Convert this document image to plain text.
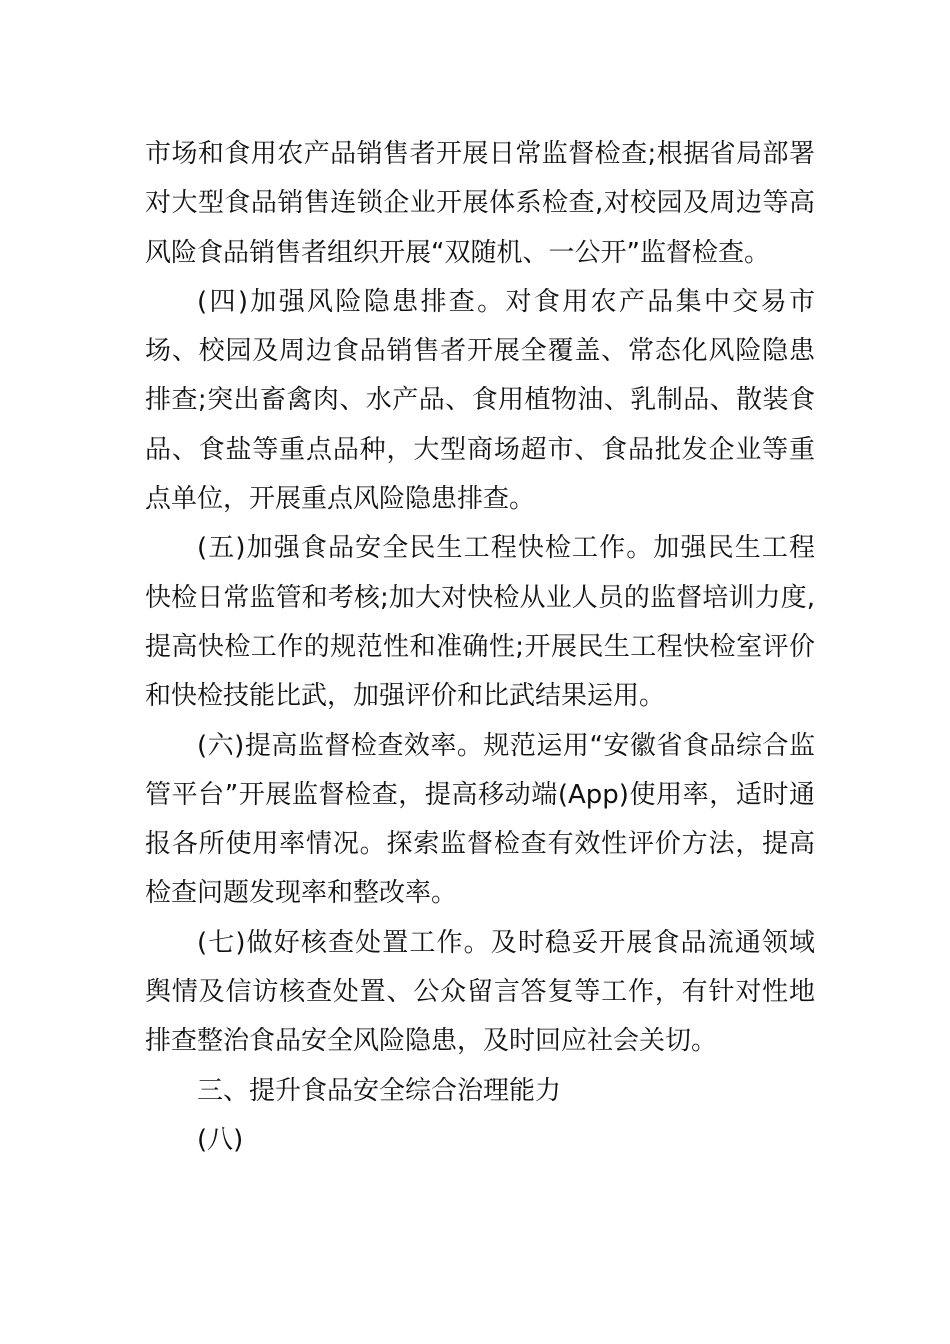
市场和食用农产品销售者开展日常监督检查;根据省局部署对大型食品销售连锁企业开展体系检查,对校园及周边等高风险食品销售者组织开展“双随机、一公开”监督检查。

(四)加强风险隐患排查。对食用农产品集中交易市场、校园及周边食品销售者开展全覆盖、常态化风险隐患排查;突出畜禽肉、水产品、食用植物油、乳制品、散装食品、食盐等重点品种，大型商场超市、食品批发企业等重点单位，开展重点风险隐患排查。

(五)加强食品安全民生工程快检工作。加强民生工程快检日常监管和考核;加大对快检从业人员的监督培训力度,提高快检工作的规范性和准确性;开展民生工程快检室评价和快检技能比武，加强评价和比武结果运用。

(六)提高监督检查效率。规范运用“安徽省食品综合监管平台”开展监督检查，提高移动端(App)使用率，适时通报各所使用率情况。探索监督检查有效性评价方法，提高检查问题发现率和整改率。

(七)做好核查处置工作。及时稳妥开展食品流通领域舆情及信访核查处置、公众留言答复等工作，有针对性地排查整治食品安全风险隐患，及时回应社会关切。

三、提升食品安全综合治理能力

(八)
